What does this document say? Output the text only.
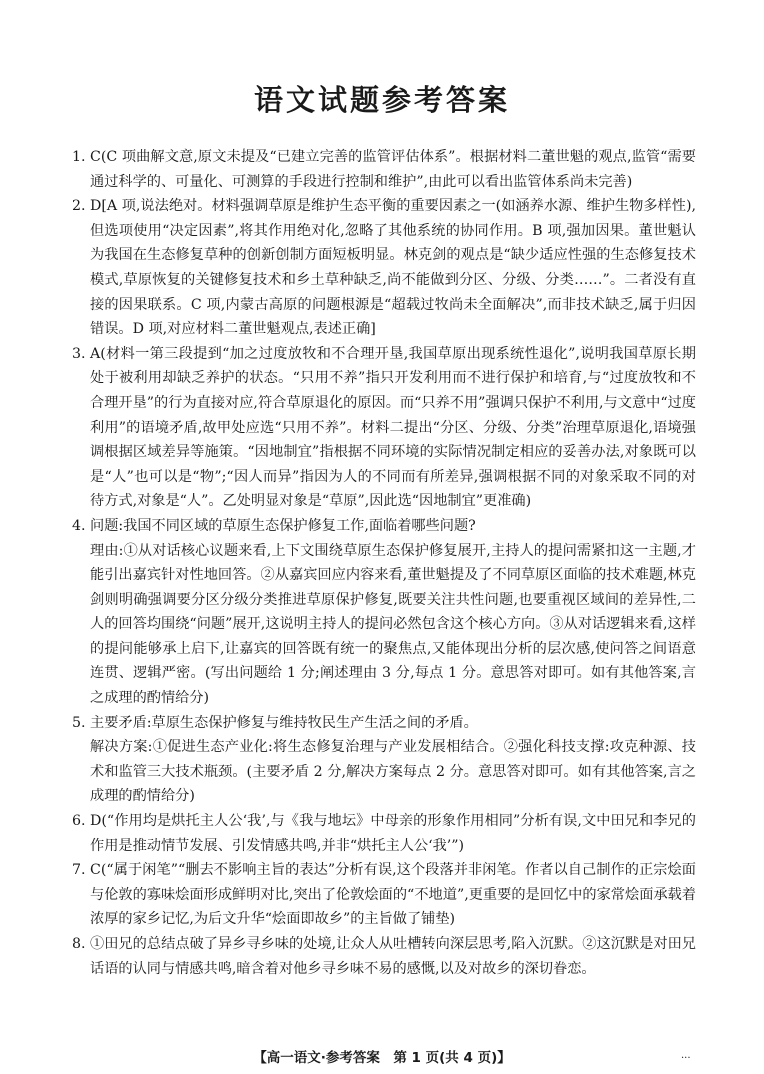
语文试题参考答案
1. C(C 项曲解文意,原文未提及“已建立完善的监管评估体系”。根据材料二董世魁的观点,监管“需要通过科学的、可量化、可测算的手段进行控制和维护”,由此可以看出监管体系尚未完善)

2. D[A 项,说法绝对。材料强调草原是维护生态平衡的重要因素之一(如涵养水源、维护生物多样性),但选项使用“决定因素”,将其作用绝对化,忽略了其他系统的协同作用。B 项,强加因果。董世魁认为我国在生态修复草种的创新创制方面短板明显。林克剑的观点是“缺少适应性强的生态修复技术模式,草原恢复的关键修复技术和乡土草种缺乏,尚不能做到分区、分级、分类……”。二者没有直接的因果联系。C 项,内蒙古高原的问题根源是“超载过牧尚未全面解决”,而非技术缺乏,属于归因错误。D 项,对应材料二董世魁观点,表述正确]

3. A(材料一第三段提到“加之过度放牧和不合理开垦,我国草原出现系统性退化”,说明我国草原长期处于被利用却缺乏养护的状态。“只用不养”指只开发利用而不进行保护和培育,与“过度放牧和不合理开垦”的行为直接对应,符合草原退化的原因。而“只养不用”强调只保护不利用,与文意中“过度利用”的语境矛盾,故甲处应选“只用不养”。材料二提出“分区、分级、分类”治理草原退化,语境强调根据区域差异等施策。“因地制宜”指根据不同环境的实际情况制定相应的妥善办法,对象既可以是“人”也可以是“物”;“因人而异”指因为人的不同而有所差异,强调根据不同的对象采取不同的对待方式,对象是“人”。乙处明显对象是“草原”,因此选“因地制宜”更准确)

4. 问题:我国不同区域的草原生态保护修复工作,面临着哪些问题?

理由:①从对话核心议题来看,上下文围绕草原生态保护修复展开,主持人的提问需紧扣这一主题,才能引出嘉宾针对性地回答。②从嘉宾回应内容来看,董世魁提及了不同草原区面临的技术难题,林克剑则明确强调要分区分级分类推进草原保护修复,既要关注共性问题,也要重视区域间的差异性,二人的回答均围绕“问题”展开,这说明主持人的提问必然包含这个核心方向。③从对话逻辑来看,这样的提问能够承上启下,让嘉宾的回答既有统一的聚焦点,又能体现出分析的层次感,使问答之间语意连贯、逻辑严密。(写出问题给 1 分;阐述理由 3 分,每点 1 分。意思答对即可。如有其他答案,言之成理的酌情给分)

5. 主要矛盾:草原生态保护修复与维持牧民生产生活之间的矛盾。

解决方案:①促进生态产业化:将生态修复治理与产业发展相结合。②强化科技支撑:攻克种源、技术和监管三大技术瓶颈。(主要矛盾 2 分,解决方案每点 2 分。意思答对即可。如有其他答案,言之成理的酌情给分)

6. D(“作用均是烘托主人公‘我’,与《我与地坛》中母亲的形象作用相同”分析有误,文中田兄和李兄的作用是推动情节发展、引发情感共鸣,并非“烘托主人公‘我’”)

7. C(“属于闲笔”“删去不影响主旨的表达”分析有误,这个段落并非闲笔。作者以自己制作的正宗烩面与伦敦的寡味烩面形成鲜明对比,突出了伦敦烩面的“不地道”,更重要的是回忆中的家常烩面承载着浓厚的家乡记忆,为后文升华“烩面即故乡”的主旨做了铺垫)

8. ①田兄的总结点破了异乡寻乡味的处境,让众人从吐槽转向深层思考,陷入沉默。②这沉默是对田兄话语的认同与情感共鸣,暗含着对他乡寻乡味不易的感慨,以及对故乡的深切眷恋。

【高一语文·参考答案　第 1 页(共 4 页)】	...
